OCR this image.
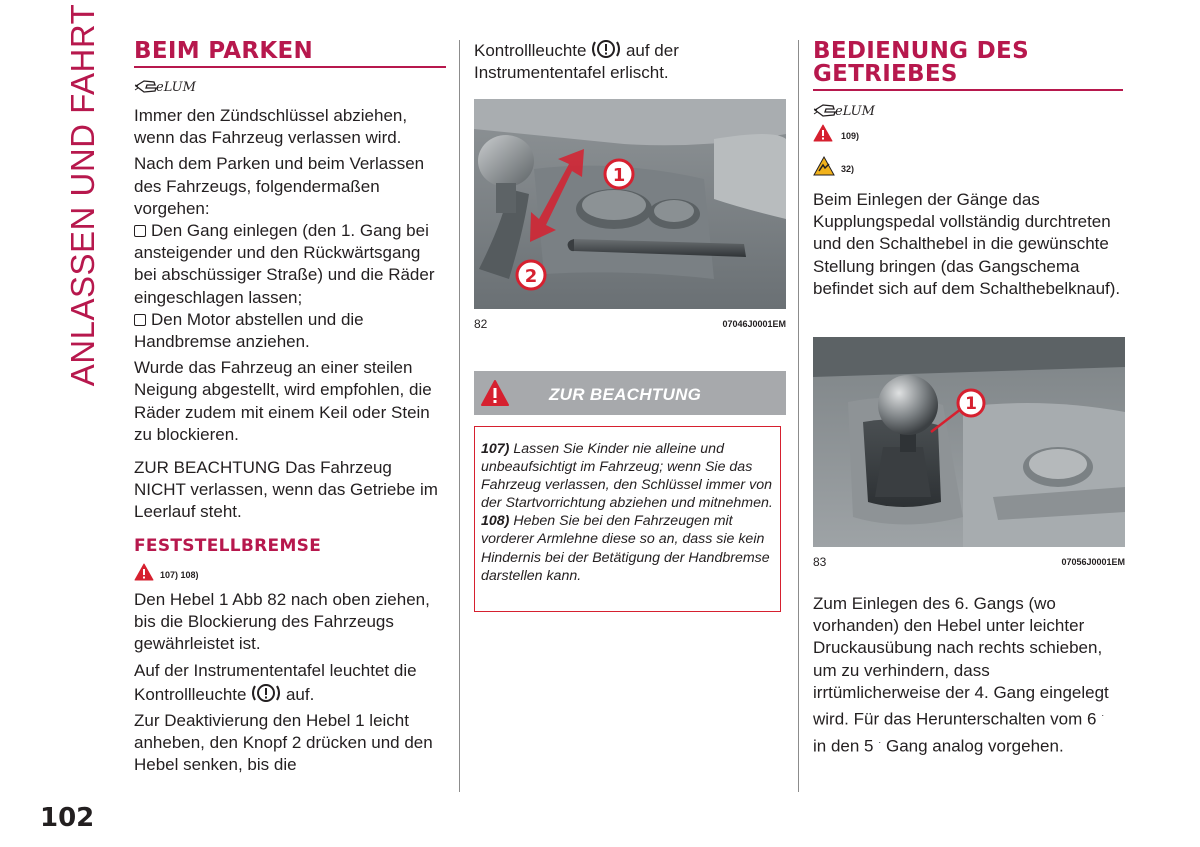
ANLASSEN UND FAHRT BEIM PARKEN
eLUM

Immer den Zündschlüssel abziehen, wenn das Fahrzeug verlassen wird.

Nach dem Parken und beim Verlassen des Fahrzeugs, folgendermaßen vorgehen:

Den Gang einlegen (den 1. Gang bei ansteigender und den Rückwärtsgang bei abschüssiger Straße) und die Räder eingeschlagen lassen;

Den Motor abstellen und die Handbremse anziehen.

Wurde das Fahrzeug an einer steilen Neigung abgestellt, wird empfohlen, die Räder zudem mit einem Keil oder Stein zu blockieren.

ZUR BEACHTUNG Das Fahrzeug NICHT verlassen, wenn das Getriebe im Leerlauf steht.

FESTSTELLBREMSE
107) 108)

Den Hebel 1 Abb 82 nach oben ziehen, bis die Blockierung des Fahrzeugs gewährleistet ist.

Auf der Instrumententafel leuchtet die
Kontrollleuchte auf.

Zur Deaktivierung den Hebel 1 leicht anheben, den Knopf 2 drücken und den Hebel senken, bis die

Kontrollleuchte auf der
Instrumententafel erlischt.

1
2
82	07046J0001EM
ZUR BEACHTUNG

107) Lassen Sie Kinder nie alleine und unbeaufsichtigt im Fahrzeug; wenn Sie das Fahrzeug verlassen, den Schlüssel immer von der Startvorrichtung abziehen und mitnehmen.

108) Heben Sie bei den Fahrzeugen mit vorderer Armlehne diese so an, dass sie kein Hindernis bei der Betätigung der Handbremse darstellen kann.

BEDIENUNG DES
GETRIEBES
eLUM
109)
32)

Beim Einlegen der Gänge das Kupplungspedal vollständig durchtreten und den Schalthebel in die gewünschte Stellung bringen (das Gangschema befindet sich auf dem Schalthebelknauf).

1
83	07056J0001EM

Zum Einlegen des 6. Gangs (wo
vorhanden) den Hebel unter leichter
Druckausübung nach rechts schieben,
um zu verhindern, dass
irrtümlicherweise der 4. Gang eingelegt
wird. Für das Herunterschalten vom 6 ·
in den 5 · Gang analog vorgehen.

102
